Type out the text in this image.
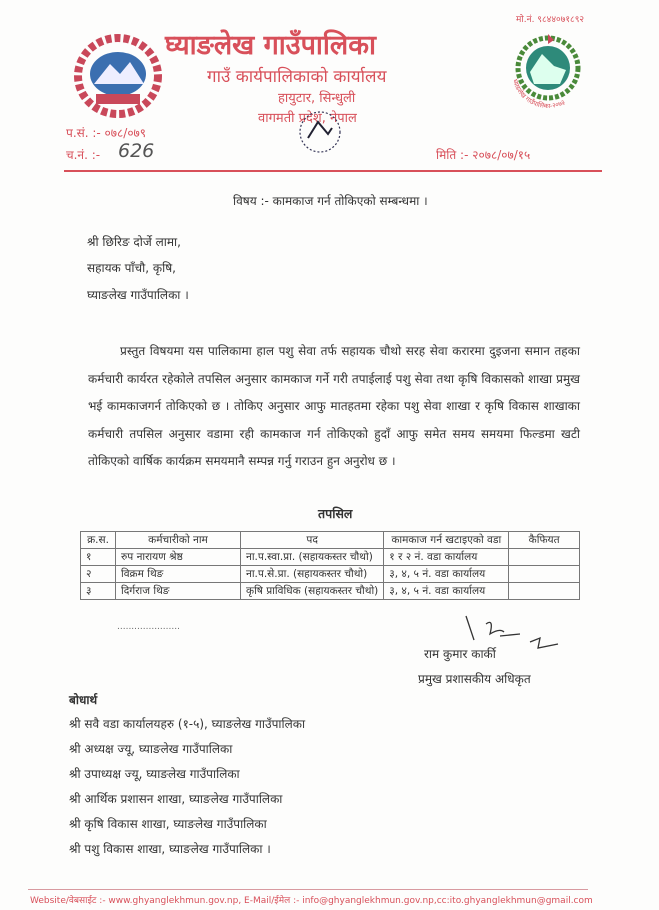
घ्याङलेख गाउँपालिका-२०७३
मो.नं. ९८४४०७१८९२
घ्याङलेख गाउँपालिका
गाउँ कार्यपालिकाको कार्यालय
हायुटार, सिन्धुली
वागमती प्रदेश, नेपाल
प.सं. :- ०७८/०७९
च.नं. :- 626	मिति :- २०७८/०७/१५
विषय :- कामकाज गर्न तोकिएको सम्बन्धमा ।
श्री छिरिङ दोर्जे लामा,
सहायक पाँचौ, कृषि,
घ्याङलेख गाउँपालिका ।
प्रस्तुत विषयमा यस पालिकामा हाल पशु सेवा तर्फ सहायक चौथो सरह सेवा करारमा दुइजना समान तहका कर्मचारी कार्यरत रहेकोले तपसिल अनुसार कामकाज गर्ने गरी तपाईलाई पशु सेवा तथा कृषि विकासको शाखा प्रमुख भई कामकाजगर्न तोकिएको छ । तोकिए अनुसार आफु मातहतमा रहेका पशु सेवा शाखा र कृषि विकास शाखाका कर्मचारी तपसिल अनुसार वडामा रही कामकाज गर्न तोकिएको हुदाँ आफु समेत समय समयमा फिल्डमा खटी तोकिएको वार्षिक कार्यक्रम समयमानै सम्पन्न गर्नु गराउन हुन अनुरोध छ ।
तपसिल
क्र.स.	कर्मचारीको नाम	पद	कामकाज गर्न खटाइएको वडा	कैफियत
१	रुप नारायण श्रेष्ठ	ना.प.स्वा.प्रा. (सहायकस्तर चौथो)	१ र २ नं. वडा कार्यालय	
२	विक्रम थिङ	ना.प.से.प्रा. (सहायकस्तर चौथो)	३, ४, ५ नं. वडा कार्यालय	
३	दिर्गराज थिङ	कृषि प्राविधिक (सहायकस्तर चौथो)	३, ४, ५ नं. वडा कार्यालय	
......................
राम कुमार कार्की
प्रमुख प्रशासकीय अधिकृत
बोधार्थ
श्री सवै वडा कार्यालयहरु (१-५), घ्याङलेख गाउँपालिका
श्री अध्यक्ष ज्यू, घ्याङलेख गाउँपालिका
श्री उपाध्यक्ष ज्यू, घ्याङलेख गाउँपालिका
श्री आर्थिक प्रशासन शाखा, घ्याङलेख गाउँपालिका
श्री कृषि विकास शाखा, घ्याङलेख गाउँपालिका
श्री पशु विकास शाखा, घ्याङलेख गाउँपालिका ।
Website/वेबसाईट :- www.ghyanglekhmun.gov.np, E-Mail/ईमेल :- info@ghyanglekhmun.gov.np,cc:ito.ghyanglekhmun@gmail.com
